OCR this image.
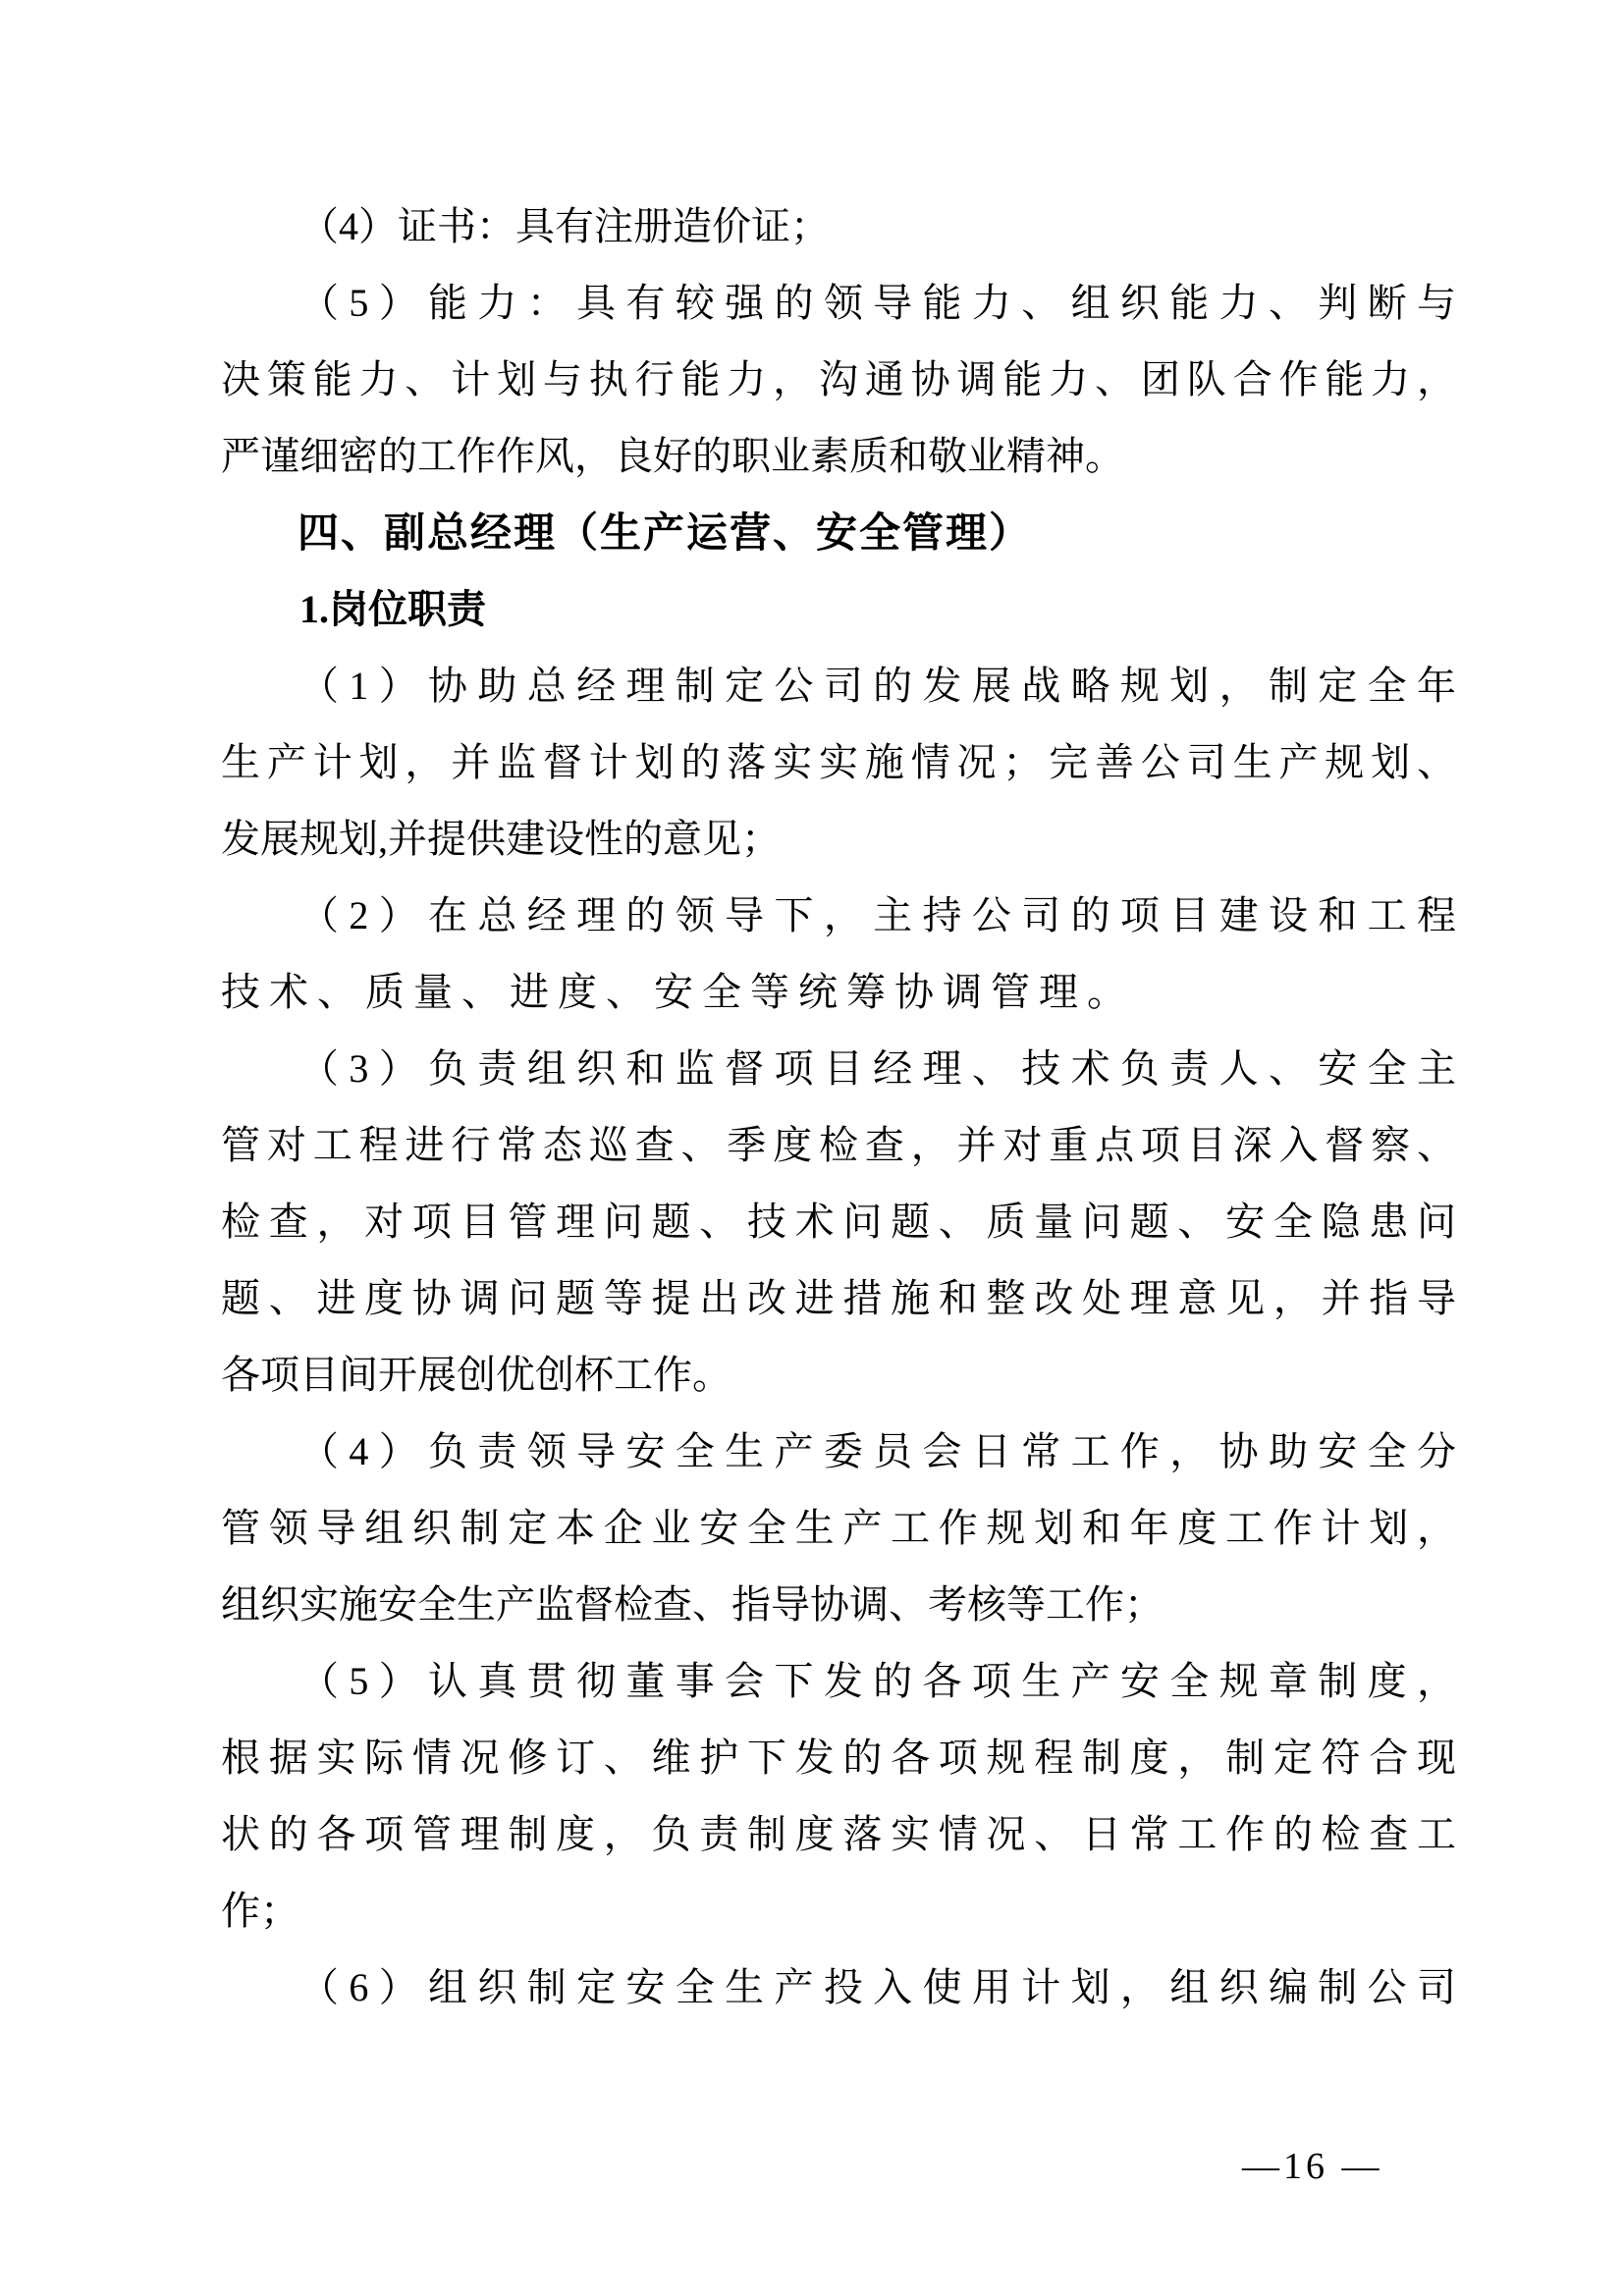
（4）证书：具有注册造价证；
（5）能力：具有较强的领导能力、组织能力、判断与
决策能力、计划与执行能力，沟通协调能力、团队合作能力，
严谨细密的工作作风，良好的职业素质和敬业精神。
四、副总经理（生产运营、安全管理）
1.岗位职责
（1）协助总经理制定公司的发展战略规划，制定全年
生产计划，并监督计划的落实实施情况；完善公司生产规划、
发展规划,并提供建设性的意见；
（2）在总经理的领导下，主持公司的项目建设和工程
技术、质量、进度、安全等统筹协调管理。
（3）负责组织和监督项目经理、技术负责人、安全主
管对工程进行常态巡查、季度检查，并对重点项目深入督察、
检查，对项目管理问题、技术问题、质量问题、安全隐患问
题、进度协调问题等提出改进措施和整改处理意见，并指导
各项目间开展创优创杯工作。
（4）负责领导安全生产委员会日常工作，协助安全分
管领导组织制定本企业安全生产工作规划和年度工作计划，
组织实施安全生产监督检查、指导协调、考核等工作；
（5）认真贯彻董事会下发的各项生产安全规章制度，
根据实际情况修订、维护下发的各项规程制度，制定符合现
状的各项管理制度，负责制度落实情况、日常工作的检查工
作；
（6）组织制定安全生产投入使用计划，组织编制公司
—16 —
